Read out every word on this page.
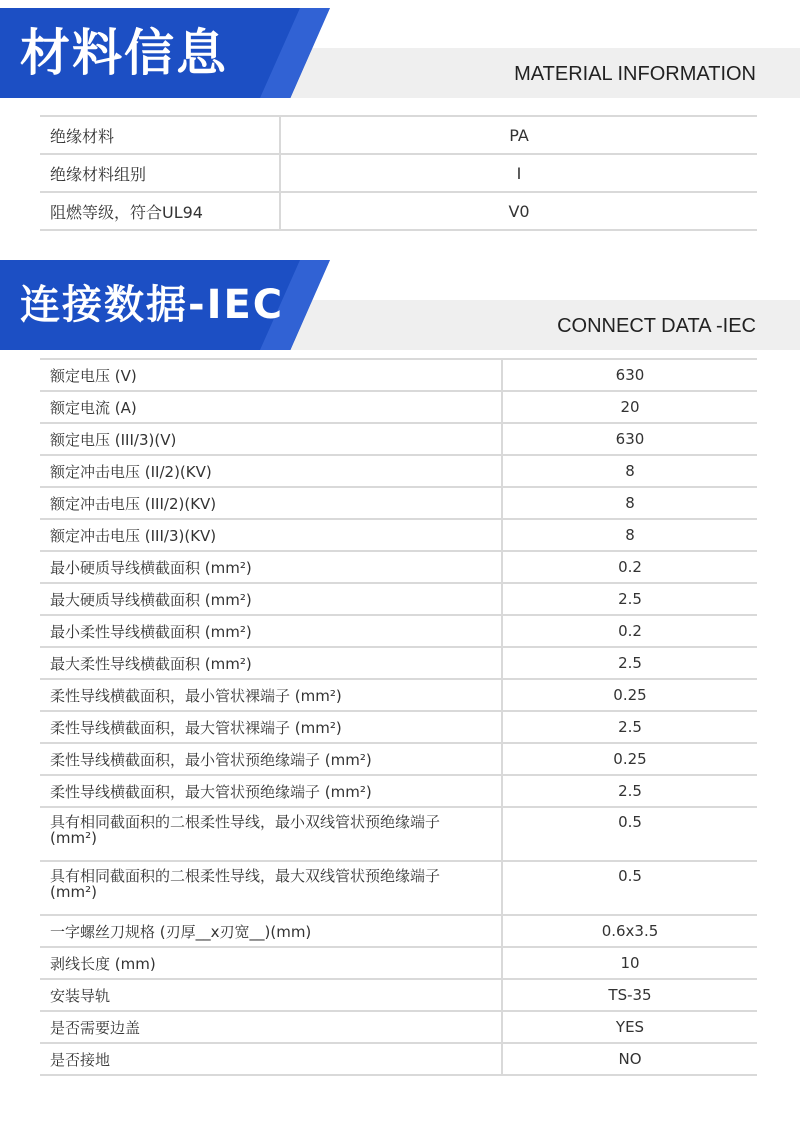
材料信息	MATERIAL INFORMATION
绝缘材料	PA
绝缘材料组别	I
阻燃等级，符合UL94	V0
连接数据-IEC	CONNECT DATA -IEC
额定电压 (V)	630
额定电流 (A)	20
额定电压 (III/3)(V)	630
额定冲击电压 (II/2)(KV)	8
额定冲击电压 (III/2)(KV)	8
额定冲击电压 (III/3)(KV)	8
最小硬质导线横截面积 (mm²)	0.2
最大硬质导线横截面积 (mm²)	2.5
最小柔性导线横截面积 (mm²)	0.2
最大柔性导线横截面积 (mm²)	2.5
柔性导线横截面积，最小管状裸端子 (mm²)	0.25
柔性导线横截面积，最大管状裸端子 (mm²)	2.5
柔性导线横截面积，最小管状预绝缘端子 (mm²)	0.25
柔性导线横截面积，最大管状预绝缘端子 (mm²)	2.5
具有相同截面积的二根柔性导线，最小双线管状预绝缘端子 (mm²)	0.5
具有相同截面积的二根柔性导线，最大双线管状预绝缘端子 (mm²)	0.5
一字螺丝刀规格 (刃厚__x刃宽__)(mm)	0.6x3.5
剥线长度 (mm)	10
安装导轨	TS-35
是否需要边盖	YES
是否接地	NO
